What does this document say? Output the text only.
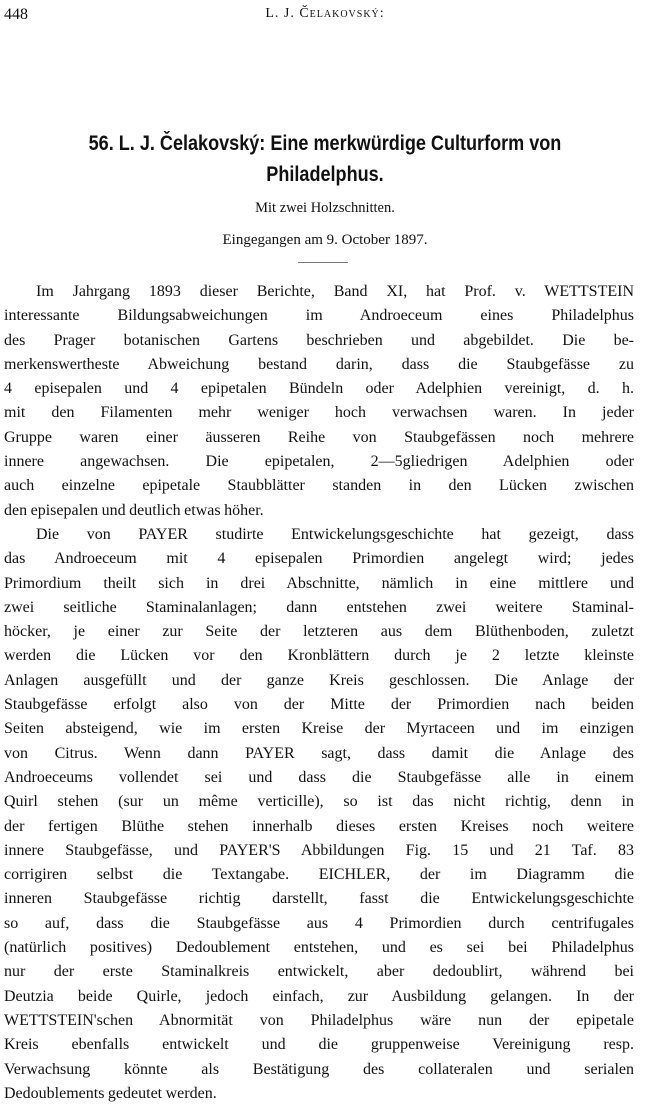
448	L. J. Čelakovský:
56. L. J. Čelakovský: Eine merkwürdige Culturform von
Philadelphus.
Mit zwei Holzschnitten.
Eingegangen am 9. October 1897.
Im Jahrgang 1893 dieser Berichte, Band XI, hat Prof. v. WETTSTEIN
interessante Bildungsabweichungen im Androeceum eines Philadelphus
des Prager botanischen Gartens beschrieben und abgebildet. Die be-
merkenswertheste Abweichung bestand darin, dass die Staubgefässe zu
4 episepalen und 4 epipetalen Bündeln oder Adelphien vereinigt, d. h.
mit den Filamenten mehr weniger hoch verwachsen waren. In jeder
Gruppe waren einer äusseren Reihe von Staubgefässen noch mehrere
innere angewachsen. Die epipetalen, 2—5gliedrigen Adelphien oder
auch einzelne epipetale Staubblätter standen in den Lücken zwischen
den episepalen und deutlich etwas höher.
Die von PAYER studirte Entwickelungsgeschichte hat gezeigt, dass
das Androeceum mit 4 episepalen Primordien angelegt wird; jedes
Primordium theilt sich in drei Abschnitte, nämlich in eine mittlere und
zwei seitliche Staminalanlagen; dann entstehen zwei weitere Staminal-
höcker, je einer zur Seite der letzteren aus dem Blüthenboden, zuletzt
werden die Lücken vor den Kronblättern durch je 2 letzte kleinste
Anlagen ausgefüllt und der ganze Kreis geschlossen. Die Anlage der
Staubgefässe erfolgt also von der Mitte der Primordien nach beiden
Seiten absteigend, wie im ersten Kreise der Myrtaceen und im einzigen
von Citrus. Wenn dann PAYER sagt, dass damit die Anlage des
Androeceums vollendet sei und dass die Staubgefässe alle in einem
Quirl stehen (sur un même verticille), so ist das nicht richtig, denn in
der fertigen Blüthe stehen innerhalb dieses ersten Kreises noch weitere
innere Staubgefässe, und PAYER'S Abbildungen Fig. 15 und 21 Taf. 83
corrigiren selbst die Textangabe. EICHLER, der im Diagramm die
inneren Staubgefässe richtig darstellt, fasst die Entwickelungsgeschichte
so auf, dass die Staubgefässe aus 4 Primordien durch centrifugales
(natürlich positives) Dedoublement entstehen, und es sei bei Philadelphus
nur der erste Staminalkreis entwickelt, aber dedoublirt, während bei
Deutzia beide Quirle, jedoch einfach, zur Ausbildung gelangen. In der
WETTSTEIN'schen Abnormität von Philadelphus wäre nun der epipetale
Kreis ebenfalls entwickelt und die gruppenweise Vereinigung resp.
Verwachsung könnte als Bestätigung des collateralen und serialen
Dedoublements gedeutet werden.
